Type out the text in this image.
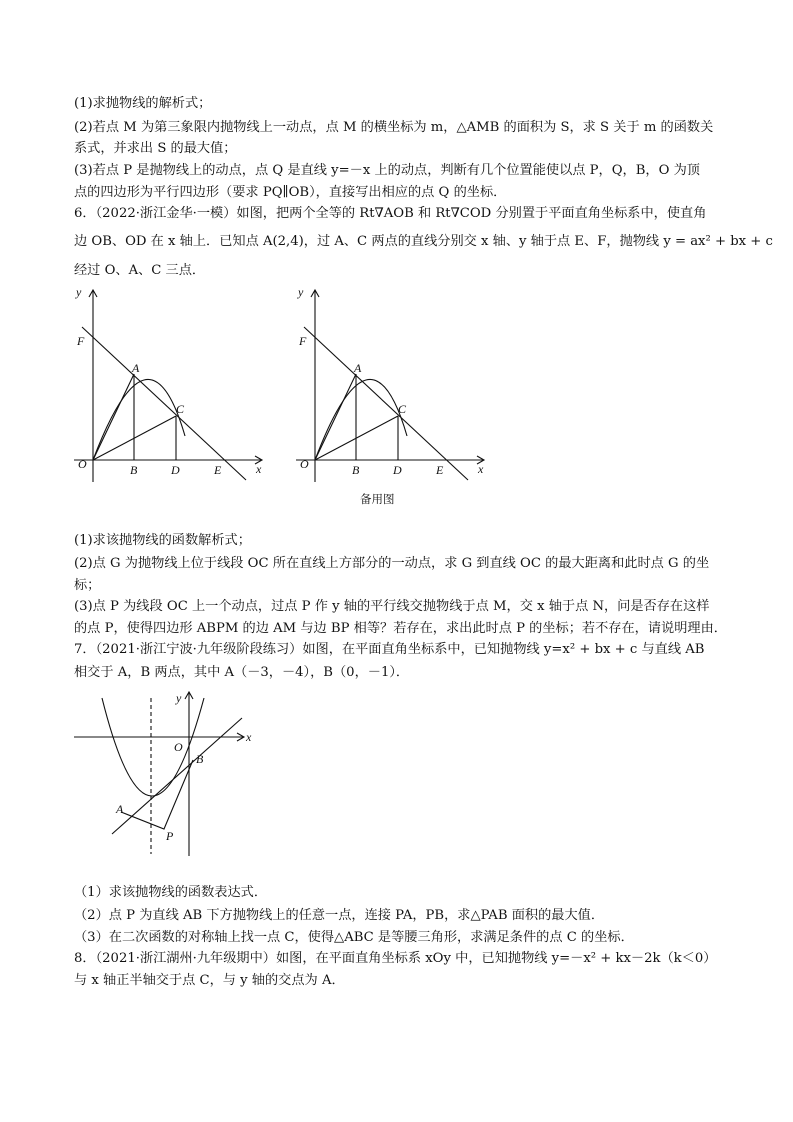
(1)求抛物线的解析式；
(2)若点 M 为第三象限内抛物线上一动点，点 M 的横坐标为 m，△AMB 的面积为 S，求 S 关于 m 的函数关
系式，并求出 S 的最大值；
(3)若点 P 是抛物线上的动点，点 Q 是直线 y=－x 上的动点，判断有几个位置能使以点 P，Q，B，O 为顶
点的四边形为平行四边形（要求 PQ∥OB），直接写出相应的点 Q 的坐标．
6．（2022·浙江金华·一模）如图，把两个全等的 Rt∇AOB 和 Rt∇COD 分别置于平面直角坐标系中，使直角
边 OB、OD 在 x 轴上．已知点 A(2,4)，过 A、C 两点的直线分别交 x 轴、y 轴于点 E、F，抛物线 y = ax² + bx + c
经过 O、A、C 三点．
y
F
A
C
O	B	D	E	x
y
F
A
C
O	B	D	E	x
备用图
(1)求该抛物线的函数解析式；
(2)点 G 为抛物线上位于线段 OC 所在直线上方部分的一动点，求 G 到直线 OC 的最大距离和此时点 G 的坐
标；
(3)点 P 为线段 OC 上一个动点，过点 P 作 y 轴的平行线交抛物线于点 M，交 x 轴于点 N，问是否存在这样
的点 P，使得四边形 ABPM 的边 AM 与边 BP 相等？若存在，求出此时点 P 的坐标；若不存在，请说明理由．
7．（2021·浙江宁波·九年级阶段练习）如图，在平面直角坐标系中，已知抛物线 y=x² + bx + c 与直线 AB
相交于 A，B 两点，其中 A（－3，－4），B（0，－1）．
y
x
O
B
A
P
（1）求该抛物线的函数表达式．
（2）点 P 为直线 AB 下方抛物线上的任意一点，连接 PA，PB，求△PAB 面积的最大值．
（3）在二次函数的对称轴上找一点 C，使得△ABC 是等腰三角形，求满足条件的点 C 的坐标．
8．（2021·浙江湖州·九年级期中）如图，在平面直角坐标系 xOy 中，已知抛物线 y=－x² + kx－2k（k＜0）
与 x 轴正半轴交于点 C，与 y 轴的交点为 A．
